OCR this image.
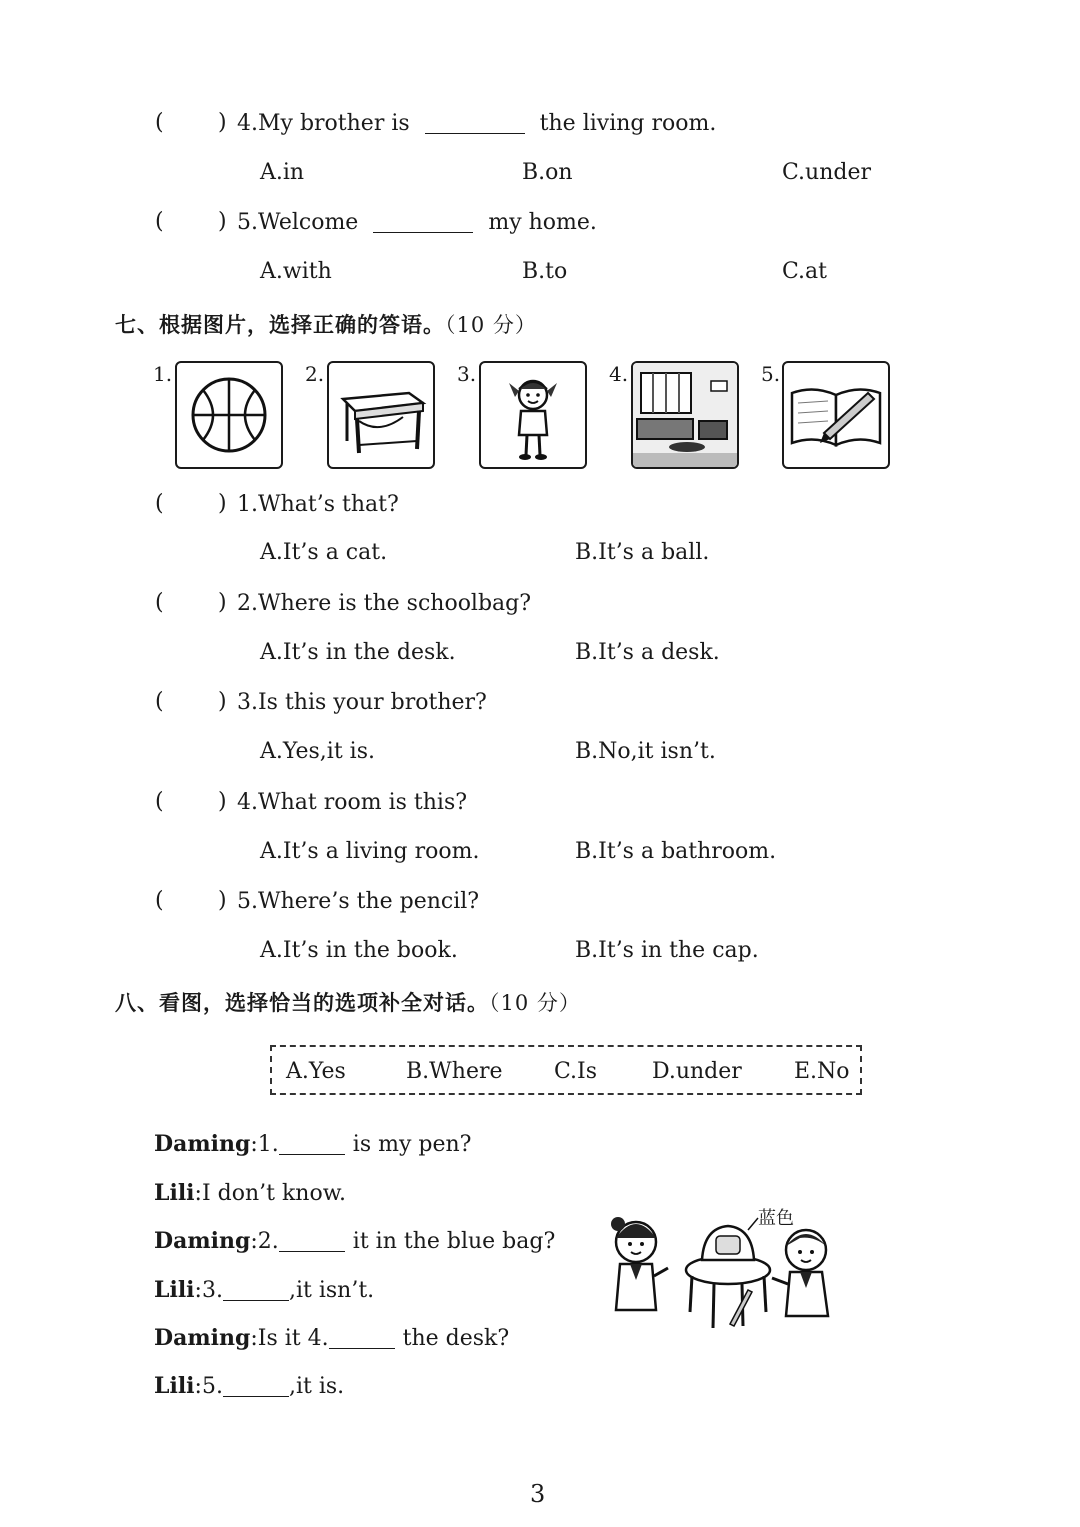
( ) 4.My brother is	the living room.
A.in	B.on	C.under
( ) 5.Welcome	my home.
A.with	B.to	C.at
七、根据图片，选择正确的答语。（10 分）
1.	2.	3.	4.	5.
( ) 1.What’s that?
A.It’s a cat.	B.It’s a ball.
( ) 2.Where is the schoolbag?
A.It’s in the desk.	B.It’s a desk.
( ) 3.Is this your brother?
A.Yes,it is.	B.No,it isn’t.
( ) 4.What room is this?
A.It’s a living room.	B.It’s a bathroom.
( ) 5.Where’s the pencil?
A.It’s in the book.	B.It’s in the cap.
八、看图，选择恰当的选项补全对话。（10 分）
A.Yes	B.Where C.Is D.under E.No
Daming:1.	is my pen?
Lili:I don’t know.
Daming:2.	it in the blue bag?
Lili:3.	,it isn’t.
Daming:Is it 4.	the desk?
Lili:5.	,it is.
蓝色
3
